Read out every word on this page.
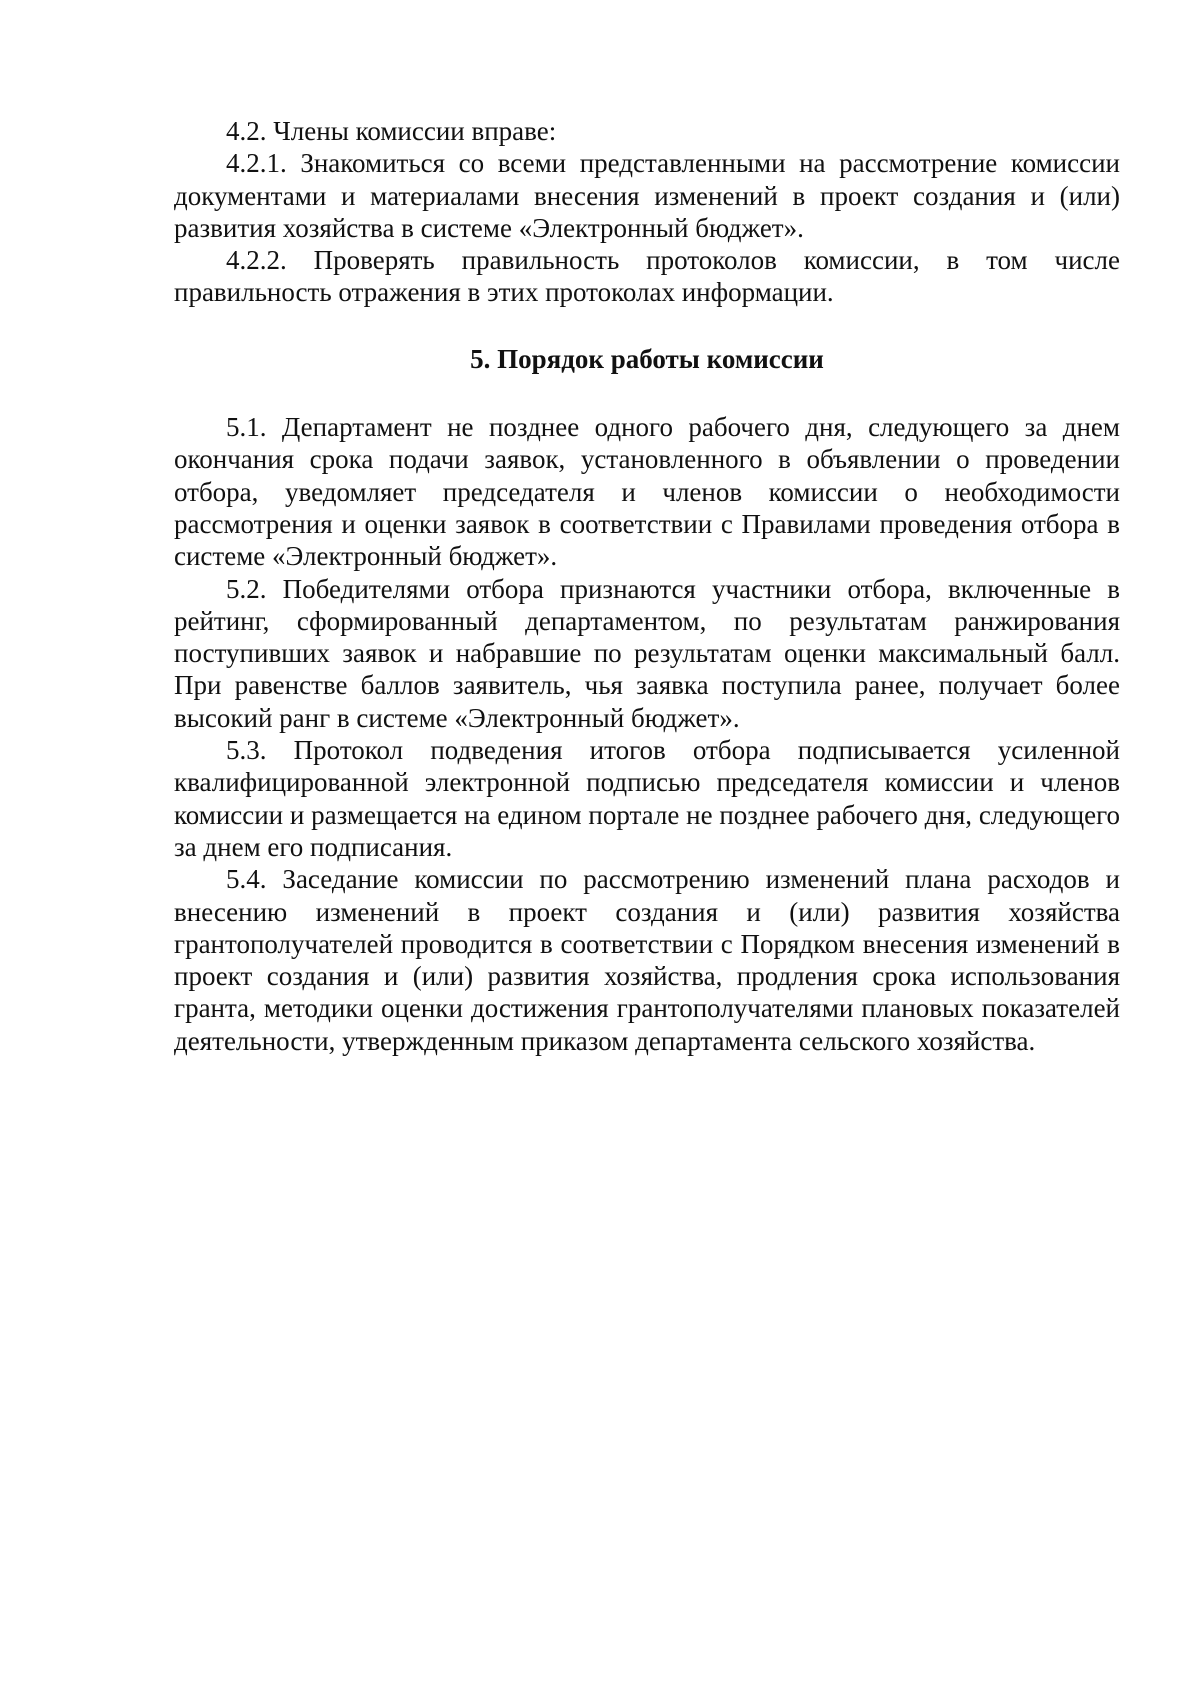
4.2. Члены комиссии вправе:

4.2.1. Знакомиться со всеми представленными на рассмотрение комиссии документами и материалами внесения изменений в проект создания и (или) развития хозяйства в системе «Электронный бюджет».

4.2.2. Проверять правильность протоколов комиссии, в том числе правильность отражения в этих протоколах информации.

5. Порядок работы комиссии

5.1. Департамент не позднее одного рабочего дня, следующего за днем окончания срока подачи заявок, установленного в объявлении о проведении отбора, уведомляет председателя и членов комиссии о необходимости рассмотрения и оценки заявок в соответствии с Правилами проведения отбора в системе «Электронный бюджет».

5.2. Победителями отбора признаются участники отбора, включенные в рейтинг, сформированный департаментом, по результатам ранжирования поступивших заявок и набравшие по результатам оценки максимальный балл. При равенстве баллов заявитель, чья заявка поступила ранее, получает более высокий ранг в системе «Электронный бюджет».

5.3. Протокол подведения итогов отбора подписывается усиленной квалифицированной электронной подписью председателя комиссии и членов комиссии и размещается на едином портале не позднее рабочего дня, следующего за днем его подписания.

5.4. Заседание комиссии по рассмотрению изменений плана расходов и внесению изменений в проект создания и (или) развития хозяйства грантополучателей проводится в соответствии с Порядком внесения изменений в проект создания и (или) развития хозяйства, продления срока использования гранта, методики оценки достижения грантополучателями плановых показателей деятельности, утвержденным приказом департамента сельского хозяйства.
